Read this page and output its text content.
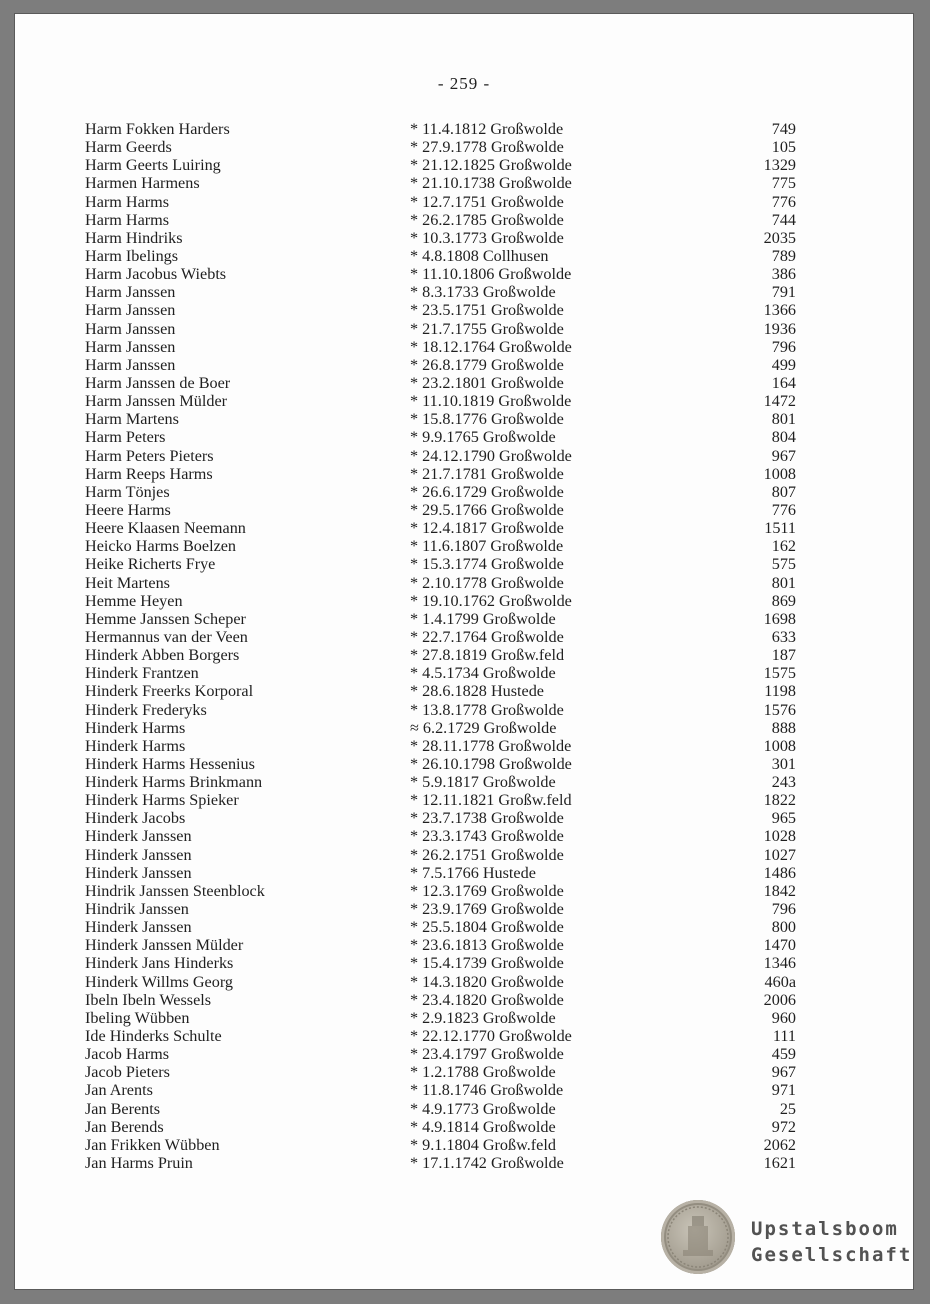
- 259 -
Harm Fokken Harders	* 11.4.1812 Großwolde	749
Harm Geerds	* 27.9.1778 Großwolde	105
Harm Geerts Luiring	* 21.12.1825 Großwolde	1329
Harmen Harmens	* 21.10.1738 Großwolde	775
Harm Harms	* 12.7.1751 Großwolde	776
Harm Harms	* 26.2.1785 Großwolde	744
Harm Hindriks	* 10.3.1773 Großwolde	2035
Harm Ibelings	* 4.8.1808 Collhusen	789
Harm Jacobus Wiebts	* 11.10.1806 Großwolde	386
Harm Janssen	* 8.3.1733 Großwolde	791
Harm Janssen	* 23.5.1751 Großwolde	1366
Harm Janssen	* 21.7.1755 Großwolde	1936
Harm Janssen	* 18.12.1764 Großwolde	796
Harm Janssen	* 26.8.1779 Großwolde	499
Harm Janssen de Boer	* 23.2.1801 Großwolde	164
Harm Janssen Mülder	* 11.10.1819 Großwolde	1472
Harm Martens	* 15.8.1776 Großwolde	801
Harm Peters	* 9.9.1765 Großwolde	804
Harm Peters Pieters	* 24.12.1790 Großwolde	967
Harm Reeps Harms	* 21.7.1781 Großwolde	1008
Harm Tönjes	* 26.6.1729 Großwolde	807
Heere Harms	* 29.5.1766 Großwolde	776
Heere Klaasen Neemann	* 12.4.1817 Großwolde	1511
Heicko Harms Boelzen	* 11.6.1807 Großwolde	162
Heike Richerts Frye	* 15.3.1774 Großwolde	575
Heit Martens	* 2.10.1778 Großwolde	801
Hemme Heyen	* 19.10.1762 Großwolde	869
Hemme Janssen Scheper	* 1.4.1799 Großwolde	1698
Hermannus van der Veen	* 22.7.1764 Großwolde	633
Hinderk Abben Borgers	* 27.8.1819 Großw.feld	187
Hinderk Frantzen	* 4.5.1734 Großwolde	1575
Hinderk Freerks Korporal	* 28.6.1828 Hustede	1198
Hinderk Frederyks	* 13.8.1778 Großwolde	1576
Hinderk Harms	≈ 6.2.1729 Großwolde	888
Hinderk Harms	* 28.11.1778 Großwolde	1008
Hinderk Harms Hessenius	* 26.10.1798 Großwolde	301
Hinderk Harms Brinkmann	* 5.9.1817 Großwolde	243
Hinderk Harms Spieker	* 12.11.1821 Großw.feld	1822
Hinderk Jacobs	* 23.7.1738 Großwolde	965
Hinderk Janssen	* 23.3.1743 Großwolde	1028
Hinderk Janssen	* 26.2.1751 Großwolde	1027
Hinderk Janssen	* 7.5.1766 Hustede	1486
Hindrik Janssen Steenblock	* 12.3.1769 Großwolde	1842
Hindrik Janssen	* 23.9.1769 Großwolde	796
Hinderk Janssen	* 25.5.1804 Großwolde	800
Hinderk Janssen Mülder	* 23.6.1813 Großwolde	1470
Hinderk Jans Hinderks	* 15.4.1739 Großwolde	1346
Hinderk Willms Georg	* 14.3.1820 Großwolde	460a
Ibeln Ibeln Wessels	* 23.4.1820 Großwolde	2006
Ibeling Wübben	* 2.9.1823 Großwolde	960
Ide Hinderks Schulte	* 22.12.1770 Großwolde	111
Jacob Harms	* 23.4.1797 Großwolde	459
Jacob Pieters	* 1.2.1788 Großwolde	967
Jan Arents	* 11.8.1746 Großwolde	971
Jan Berents	* 4.9.1773 Großwolde	25
Jan Berends	* 4.9.1814 Großwolde	972
Jan Frikken Wübben	* 9.1.1804 Großw.feld	2062
Jan Harms Pruin	* 17.1.1742 Großwolde	1621
Upstalsboom
Gesellschaft
